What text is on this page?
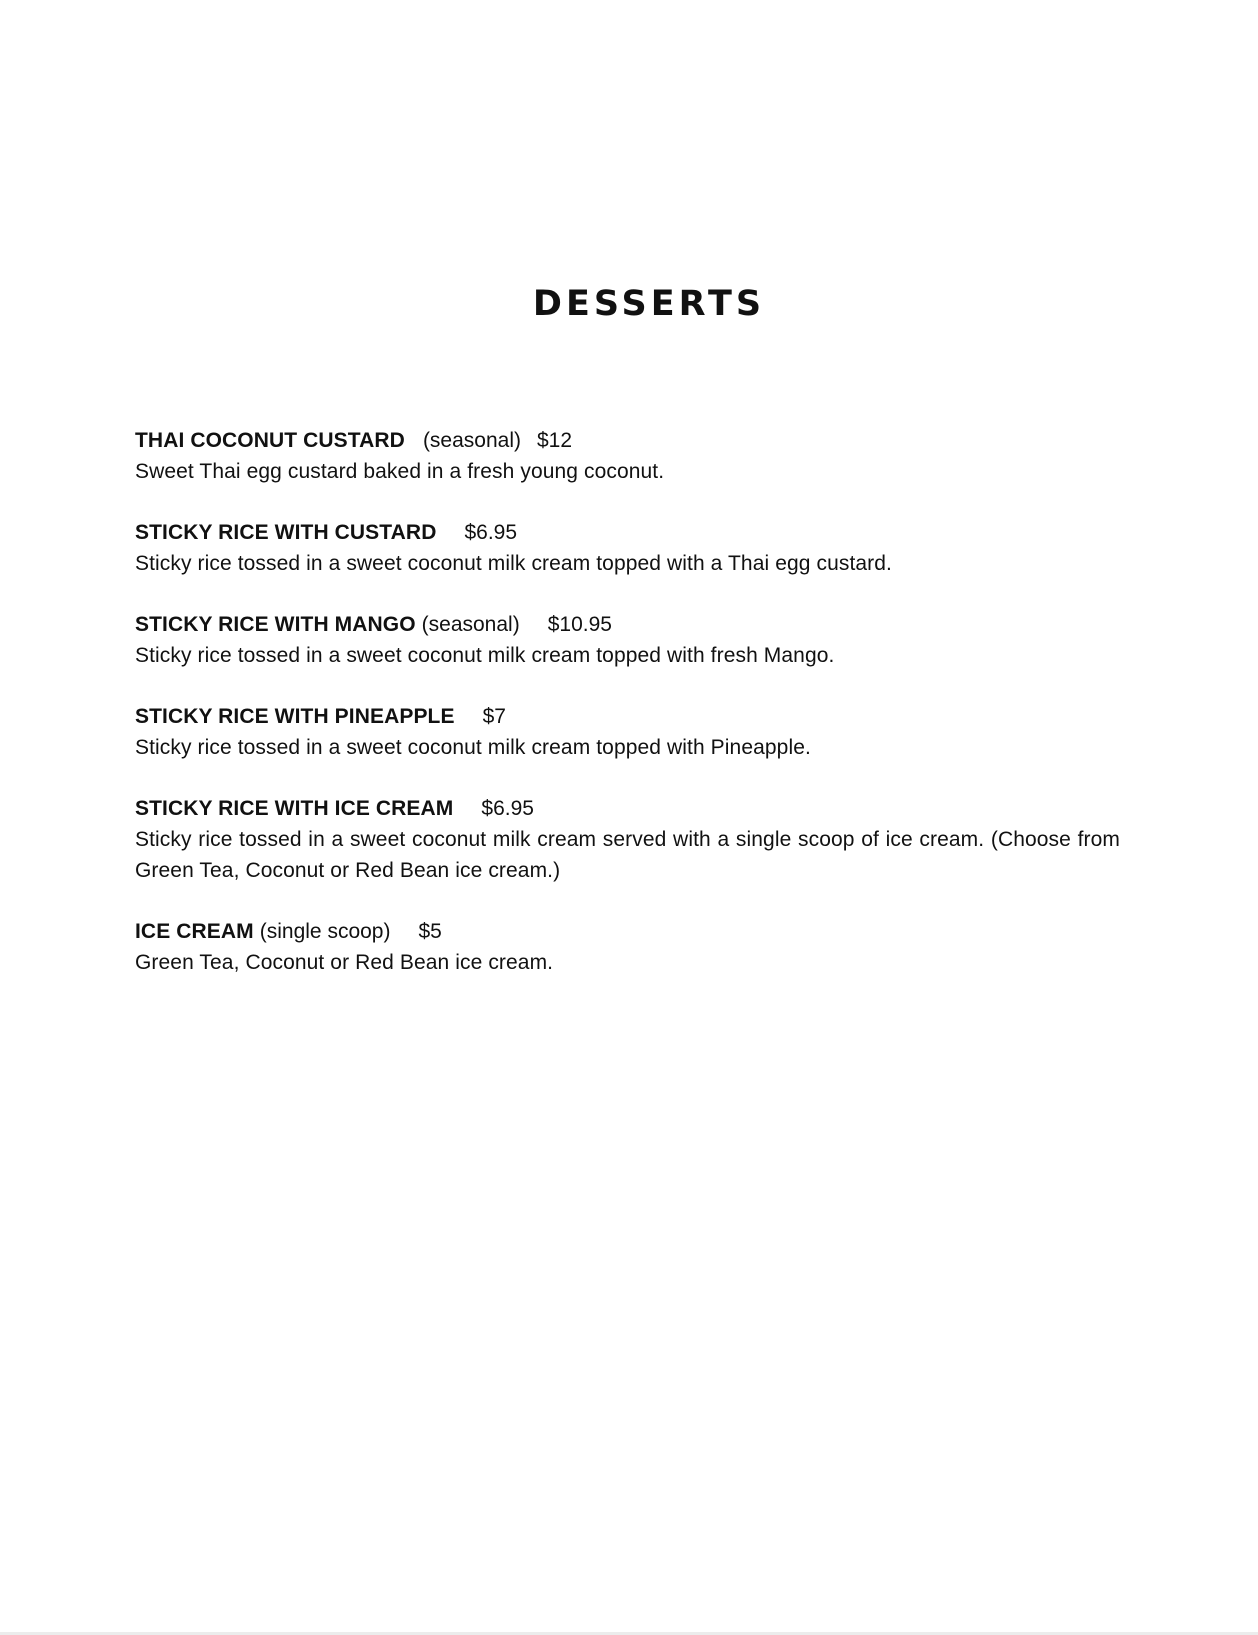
DESSERTS
THAI COCONUT CUSTARD (seasonal) $12

Sweet Thai egg custard baked in a fresh young coconut.

STICKY RICE WITH CUSTARD $6.95

Sticky rice tossed in a sweet coconut milk cream topped with a Thai egg custard.

STICKY RICE WITH MANGO (seasonal) $10.95

Sticky rice tossed in a sweet coconut milk cream topped with fresh Mango.

STICKY RICE WITH PINEAPPLE $7

Sticky rice tossed in a sweet coconut milk cream topped with Pineapple.

STICKY RICE WITH ICE CREAM $6.95

Sticky rice tossed in a sweet coconut milk cream served with a single scoop of ice cream. (Choose from Green Tea, Coconut or Red Bean ice cream.)

ICE CREAM (single scoop) $5

Green Tea, Coconut or Red Bean ice cream.
